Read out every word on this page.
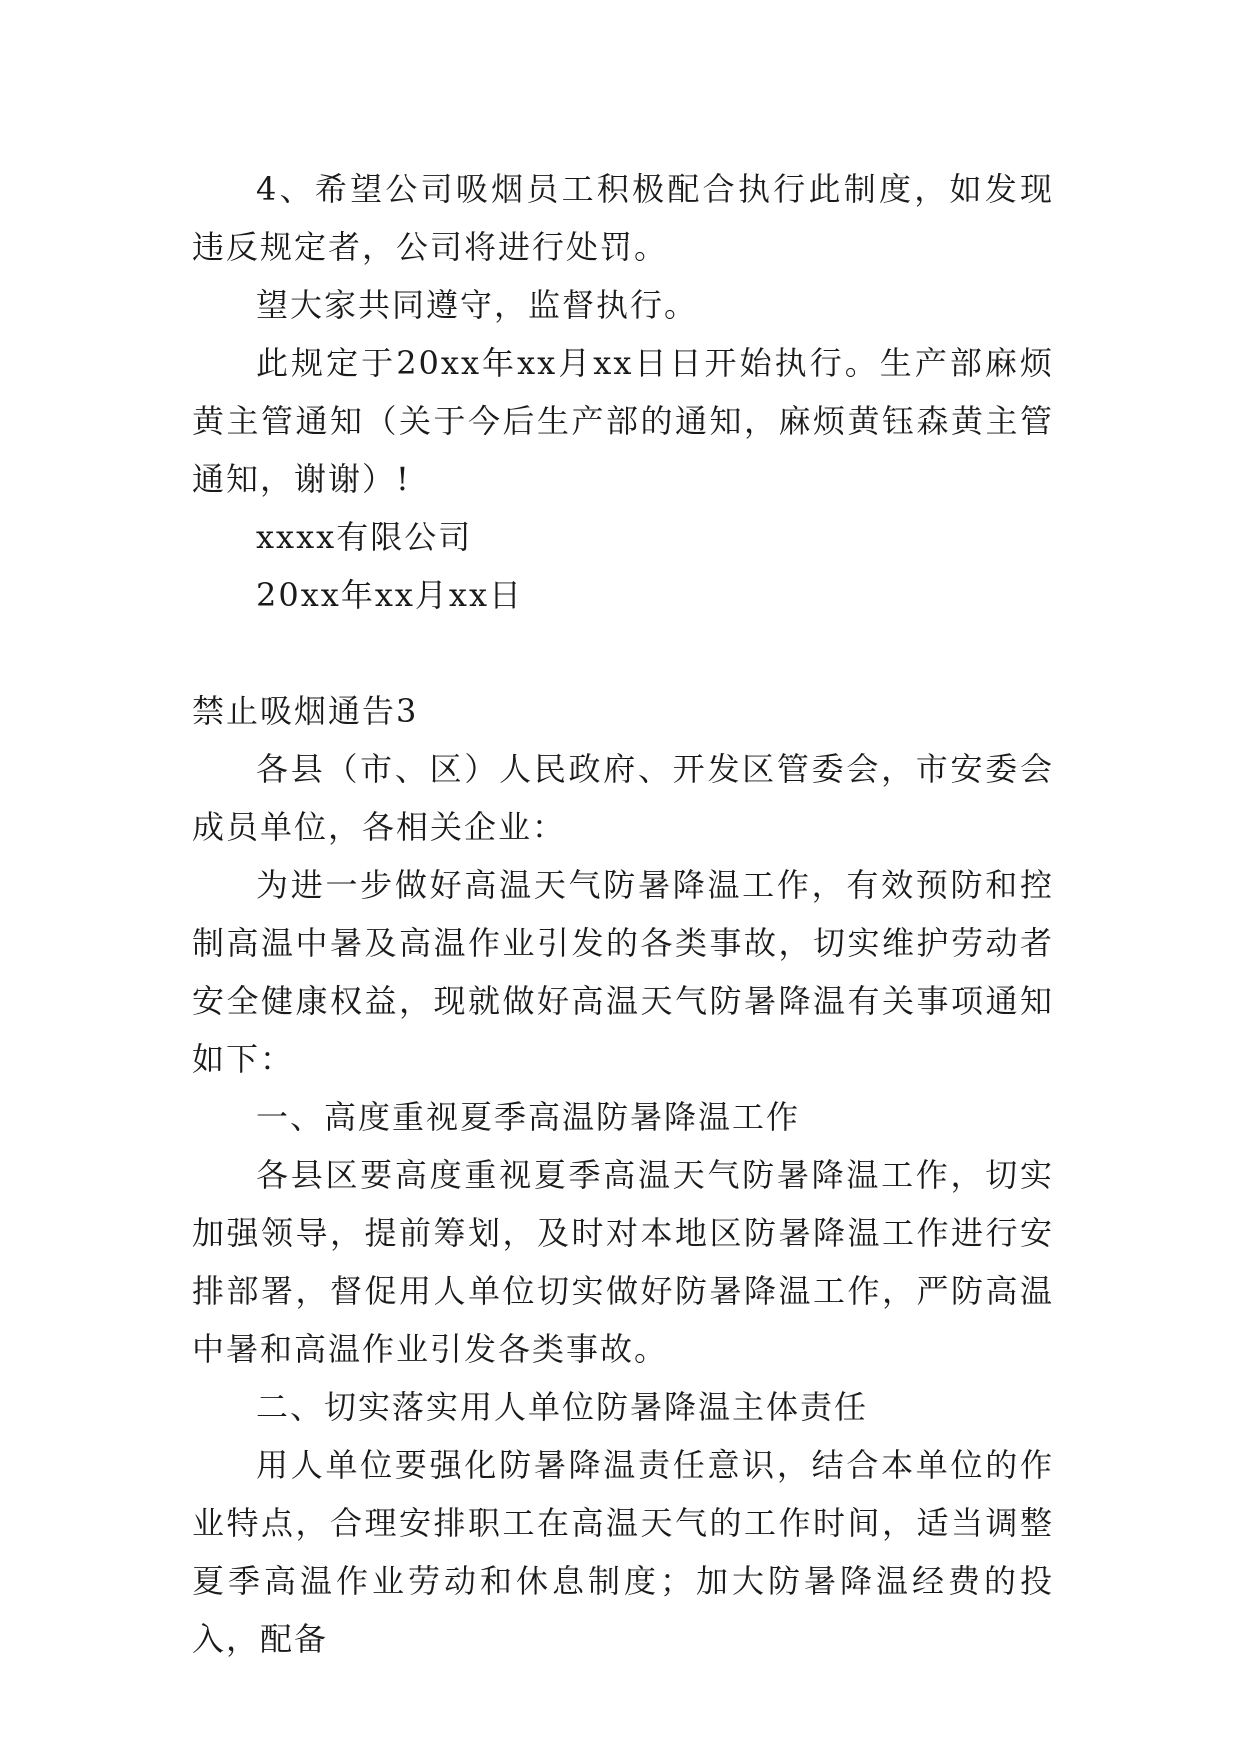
4、希望公司吸烟员工积极配合执行此制度，如发现违反规定者，公司将进行处罚。

望大家共同遵守，监督执行。

此规定于20xx年xx月xx日日开始执行。生产部麻烦黄主管通知（关于今后生产部的通知，麻烦黄钰森黄主管通知，谢谢）!

xxxx有限公司

20xx年xx月xx日

禁止吸烟通告3

各县（市、区）人民政府、开发区管委会，市安委会成员单位，各相关企业：

为进一步做好高温天气防暑降温工作，有效预防和控制高温中暑及高温作业引发的各类事故，切实维护劳动者安全健康权益，现就做好高温天气防暑降温有关事项通知如下：

一、高度重视夏季高温防暑降温工作

各县区要高度重视夏季高温天气防暑降温工作，切实加强领导，提前筹划，及时对本地区防暑降温工作进行安排部署，督促用人单位切实做好防暑降温工作，严防高温中暑和高温作业引发各类事故。

二、切实落实用人单位防暑降温主体责任

用人单位要强化防暑降温责任意识，结合本单位的作业特点，合理安排职工在高温天气的工作时间，适当调整夏季高温作业劳动和休息制度；加大防暑降温经费的投入，配备
